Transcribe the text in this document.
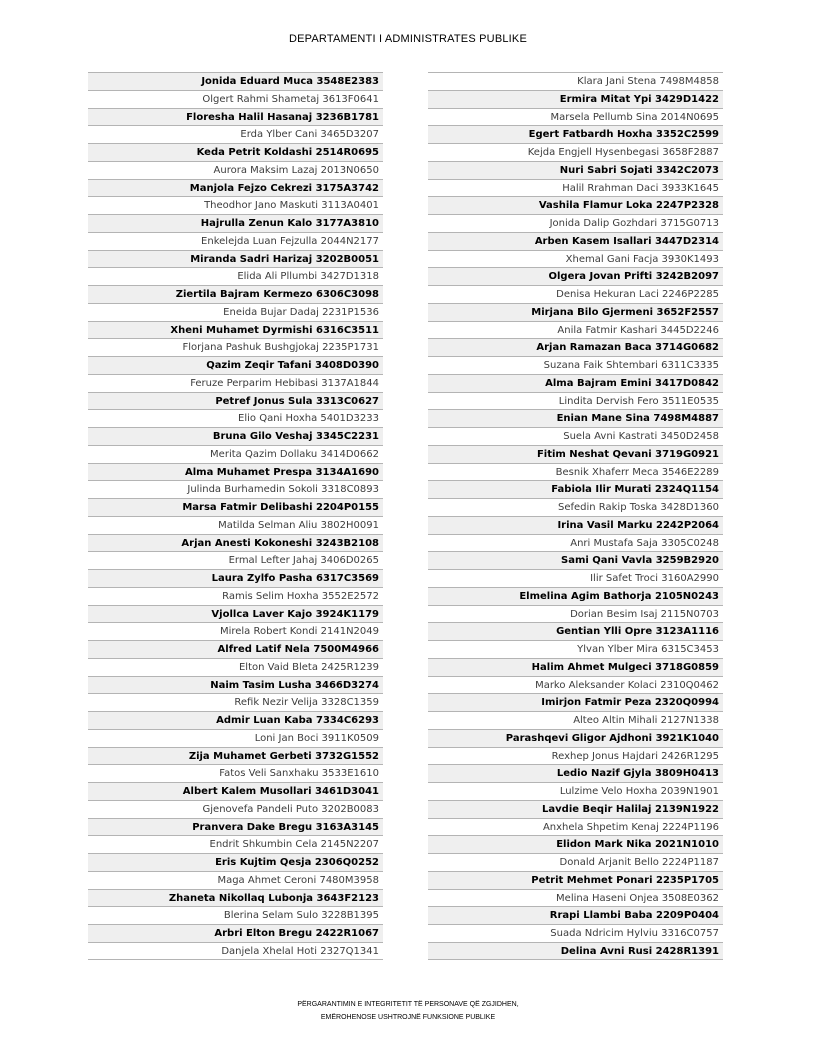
DEPARTAMENTI I ADMINISTRATES PUBLIKE
Jonida Eduard Muca 3548E2383
Olgert Rahmi Shametaj 3613F0641
Floresha Halil Hasanaj 3236B1781
Erda Ylber Cani 3465D3207
Keda Petrit Koldashi 2514R0695
Aurora Maksim Lazaj 2013N0650
Manjola Fejzo Cekrezi 3175A3742
Theodhor Jano Maskuti 3113A0401
Hajrulla Zenun Kalo 3177A3810
Enkelejda Luan Fejzulla 2044N2177
Miranda Sadri Harizaj 3202B0051
Elida Ali Pllumbi 3427D1318
Ziertila Bajram Kermezo 6306C3098
Eneida Bujar Dadaj 2231P1536
Xheni Muhamet Dyrmishi 6316C3511
Florjana Pashuk Bushgjokaj 2235P1731
Qazim Zeqir Tafani 3408D0390
Feruze Perparim Hebibasi 3137A1844
Petref Jonus Sula 3313C0627
Elio Qani Hoxha 5401D3233
Bruna Gilo Veshaj 3345C2231
Merita Qazim Dollaku 3414D0662
Alma Muhamet Prespa 3134A1690
Julinda Burhamedin Sokoli 3318C0893
Marsa Fatmir Delibashi 2204P0155
Matilda Selman Aliu 3802H0091
Arjan Anesti Kokoneshi 3243B2108
Ermal Lefter Jahaj 3406D0265
Laura Zylfo Pasha 6317C3569
Ramis Selim Hoxha 3552E2572
Vjollca Laver Kajo 3924K1179
Mirela Robert Kondi 2141N2049
Alfred Latif Nela 7500M4966
Elton Vaid Bleta 2425R1239
Naim Tasim Lusha 3466D3274
Refik Nezir Velija 3328C1359
Admir Luan Kaba 7334C6293
Loni Jan Boci 3911K0509
Zija Muhamet Gerbeti 3732G1552
Fatos Veli Sanxhaku 3533E1610
Albert Kalem Musollari 3461D3041
Gjenovefa Pandeli Puto 3202B0083
Pranvera Dake Bregu 3163A3145
Endrit Shkumbin Cela 2145N2207
Eris Kujtim Qesja 2306Q0252
Maga Ahmet Ceroni 7480M3958
Zhaneta Nikollaq Lubonja 3643F2123
Blerina Selam Sulo 3228B1395
Arbri Elton Bregu 2422R1067
Danjela Xhelal Hoti 2327Q1341
Klara Jani Stena 7498M4858
Ermira Mitat Ypi 3429D1422
Marsela Pellumb Sina 2014N0695
Egert Fatbardh Hoxha 3352C2599
Kejda Engjell Hysenbegasi 3658F2887
Nuri Sabri Sojati 3342C2073
Halil Rrahman Daci 3933K1645
Vashila Flamur Loka 2247P2328
Jonida Dalip Gozhdari 3715G0713
Arben Kasem Isallari 3447D2314
Xhemal Gani Facja 3930K1493
Olgera Jovan Prifti 3242B2097
Denisa Hekuran Laci 2246P2285
Mirjana Bilo Gjermeni 3652F2557
Anila Fatmir Kashari 3445D2246
Arjan Ramazan Baca 3714G0682
Suzana Faik Shtembari 6311C3335
Alma Bajram Emini 3417D0842
Lindita Dervish Fero 3511E0535
Enian Mane Sina 7498M4887
Suela Avni Kastrati 3450D2458
Fitim Neshat Qevani 3719G0921
Besnik Xhaferr Meca 3546E2289
Fabiola Ilir Murati 2324Q1154
Sefedin Rakip Toska 3428D1360
Irina Vasil Marku 2242P2064
Anri Mustafa Saja 3305C0248
Sami Qani Vavla 3259B2920
Ilir Safet Troci 3160A2990
Elmelina Agim Bathorja 2105N0243
Dorian Besim Isaj 2115N0703
Gentian Ylli Opre 3123A1116
Ylvan Ylber Mira 6315C3453
Halim Ahmet Mulgeci 3718G0859
Marko Aleksander Kolaci 2310Q0462
Imirjon Fatmir Peza 2320Q0994
Alteo Altin Mihali 2127N1338
Parashqevi Gligor Ajdhoni 3921K1040
Rexhep Jonus Hajdari 2426R1295
Ledio Nazif Gjyla 3809H0413
Lulzime Velo Hoxha 2039N1901
Lavdie Beqir Halilaj 2139N1922
Anxhela Shpetim Kenaj 2224P1196
Elidon Mark Nika 2021N1010
Donald Arjanit Bello 2224P1187
Petrit Mehmet Ponari 2235P1705
Melina Haseni Onjea 3508E0362
Rrapi Llambi Baba 2209P0404
Suada Ndricim Hylviu 3316C0757
Delina Avni Rusi 2428R1391
PËRGARANTIMIN E INTEGRITETIT TË PERSONAVE QË ZGJIDHEN,
EMËROHENOSE USHTROJNË FUNKSIONE PUBLIKE
